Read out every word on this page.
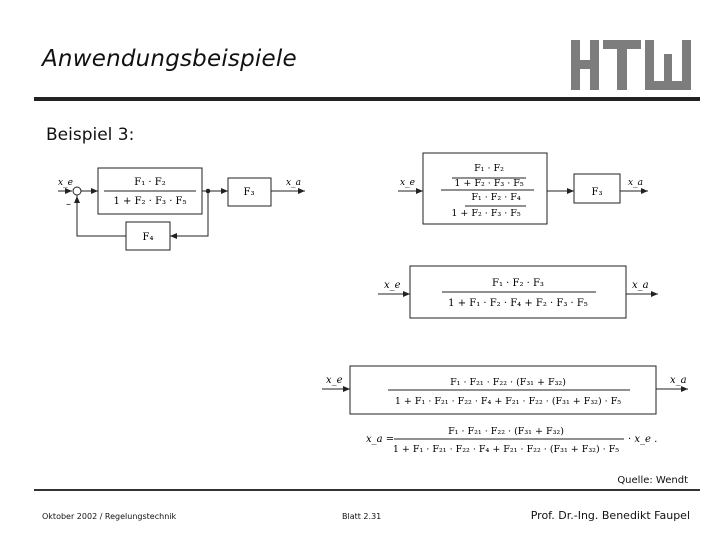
Anwendungsbeispiele
Beispiel 3:
x_e
–
F₁ · F₂
1 + F₂ · F₃ · F₅
F₃
x_a
F₄
x_e
F₁ · F₂
1 + F₂ · F₃ · F₅
F₁ · F₂ · F₄
1 + F₂ · F₃ · F₅
F₃
x_a
x_e	F₁ · F₂ · F₃
1 + F₁ · F₂ · F₄ + F₂ · F₃ · F₅
x_a
x_e	F₁ · F₂₁ · F₂₂ · (F₃₁ + F₃₂)
1 + F₁ · F₂₁ · F₂₂ · F₄ + F₂₁ · F₂₂ · (F₃₁ + F₃₂) · F₅
x_a
x_a =
F₁ · F₂₁ · F₂₂ · (F₃₁ + F₃₂)
1 + F₁ · F₂₁ · F₂₂ · F₄ + F₂₁ · F₂₂ · (F₃₁ + F₃₂) · F₅
· x_e .
Quelle: Wendt
Oktober 2002 / Regelungstechnik	Blatt 2.31	Prof. Dr.-Ing. Benedikt Faupel
